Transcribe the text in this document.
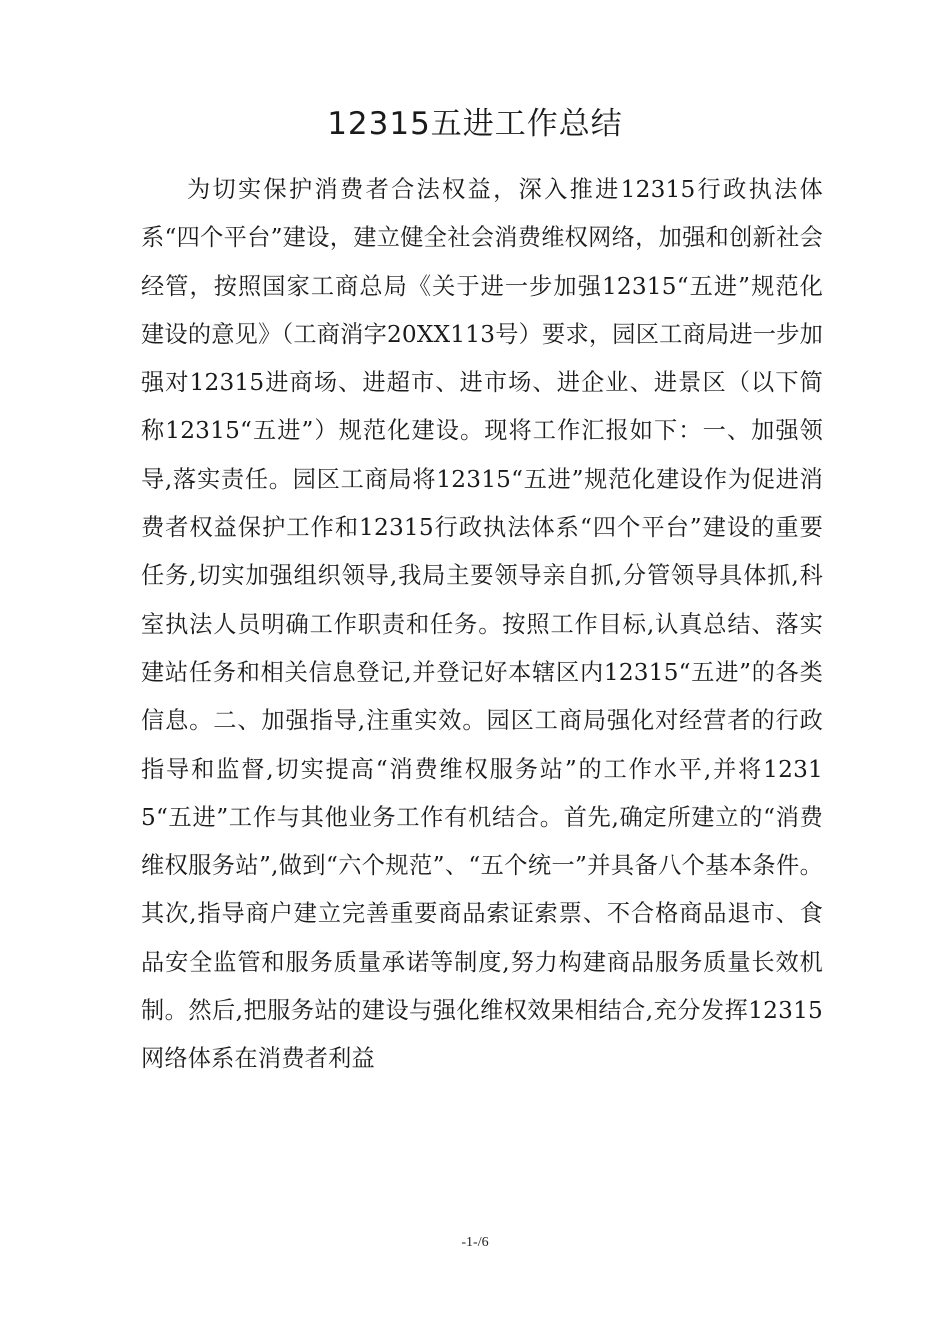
12315五进工作总结

为切实保护消费者合法权益，深入推进12315行政执法体系“四个平台”建设，建立健全社会消费维权网络，加强和创新社会经管，按照国家工商总局《关于进一步加强12315“五进”规范化建设的意见》（工商消字20XX113号）要求，园区工商局进一步加强对12315进商场、进超市、进市场、进企业、进景区（以下简称12315“五进”）规范化建设。现将工作汇报如下：一、加强领导,落实责任。园区工商局将12315“五进”规范化建设作为促进消费者权益保护工作和12315行政执法体系“四个平台”建设的重要任务,切实加强组织领导,我局主要领导亲自抓,分管领导具体抓,科室执法人员明确工作职责和任务。按照工作目标,认真总结、落实建站任务和相关信息登记,并登记好本辖区内12315“五进”的各类信息。二、加强指导,注重实效。园区工商局强化对经营者的行政指导和监督,切实提高“消费维权服务站”的工作水平,并将12315“五进”工作与其他业务工作有机结合。首先,确定所建立的“消费维权服务站”,做到“六个规范”、“五个统一”并具备八个基本条件。其次,指导商户建立完善重要商品索证索票、不合格商品退市、食品安全监管和服务质量承诺等制度,努力构建商品服务质量长效机制。然后,把服务站的建设与强化维权效果相结合,充分发挥12315网络体系在消费者利益

-1-/6
